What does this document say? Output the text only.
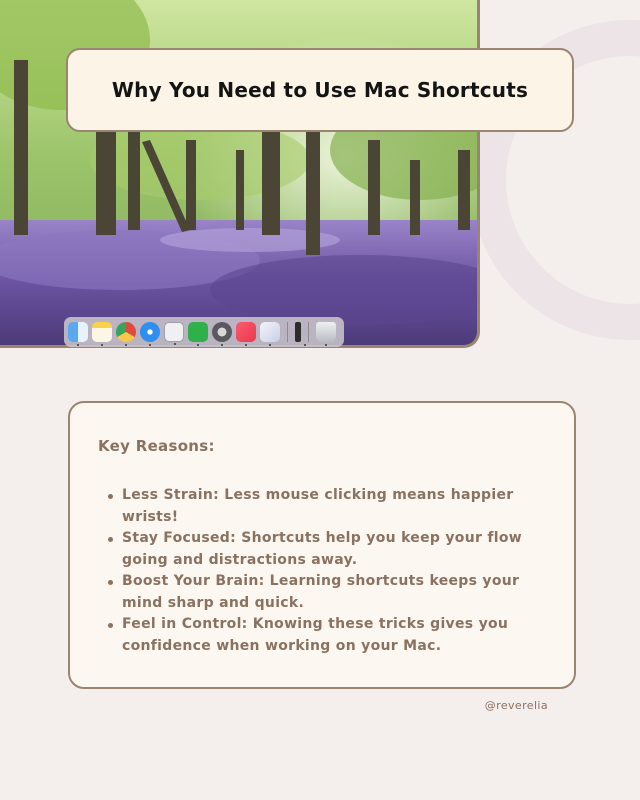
Why You Need to Use Mac Shortcuts
Key Reasons:
Less Strain: Less mouse clicking means happier wrists!
Stay Focused: Shortcuts help you keep your flow going and distractions away.
Boost Your Brain: Learning shortcuts keeps your mind sharp and quick.
Feel in Control: Knowing these tricks gives you confidence when working on your Mac.
@reverelia
